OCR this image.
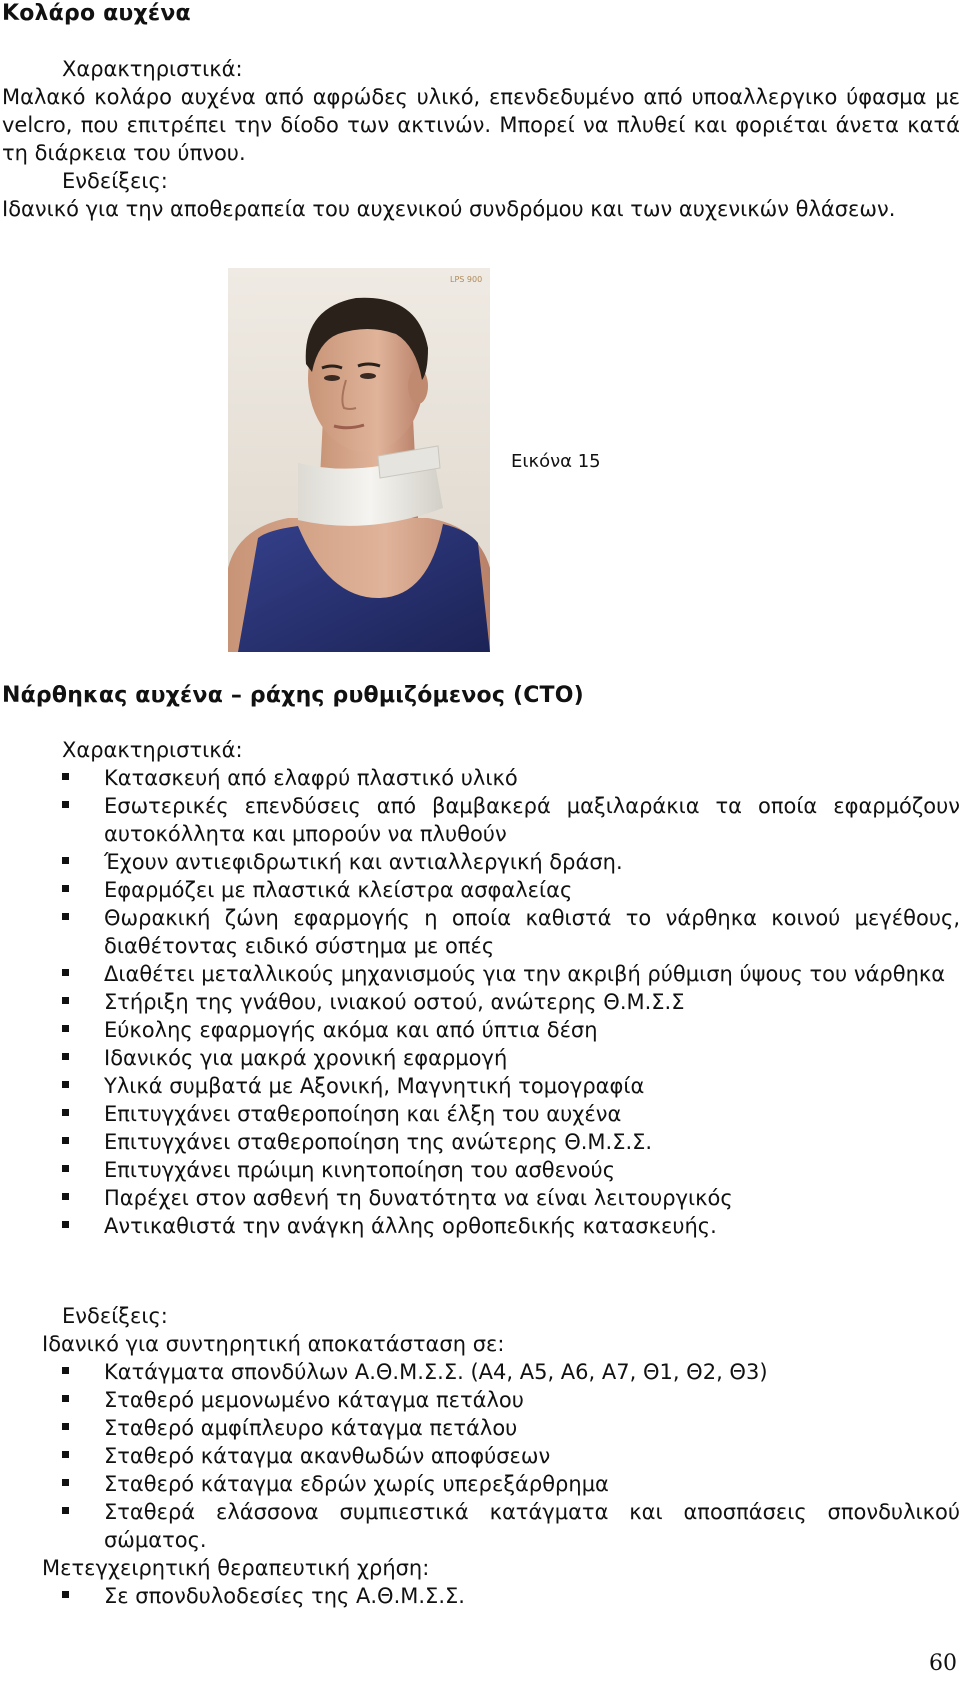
Κολάρο αυχένα

Χαρακτηριστικά:

Μαλακό κολάρο αυχένα από αφρώδες υλικό, επενδεδυμένο από υποαλλεργικο ύφασμα με velcro, που επιτρέπει την δίοδο των ακτινών. Μπορεί να πλυθεί και φοριέται άνετα κατά τη διάρκεια του ύπνου.

Ενδείξεις:

Ιδανικό για την αποθεραπεία του αυχενικού συνδρόμου και των αυχενικών θλάσεων.

LPS 900
Εικόνα 15
Νάρθηκας αυχένα – ράχης ρυθμιζόμενος (CTO)

Χαρακτηριστικά:

Κατασκευή από ελαφρύ πλαστικό υλικό
Εσωτερικές επενδύσεις από βαμβακερά μαξιλαράκια τα οποία εφαρμόζουν αυτοκόλλητα και μπορούν να πλυθούν
Έχουν αντιεφιδρωτική και αντιαλλεργική δράση.
Εφαρμόζει με πλαστικά κλείστρα ασφαλείας
Θωρακική ζώνη εφαρμογής η οποία καθιστά το νάρθηκα κοινού μεγέθους, διαθέτοντας ειδικό σύστημα με οπές
Διαθέτει μεταλλικούς μηχανισμούς για την ακριβή ρύθμιση ύψους του νάρθηκα
Στήριξη της γνάθου, ινιακού οστού, ανώτερης Θ.Μ.Σ.Σ
Εύκολης εφαρμογής ακόμα και από ύπτια δέση
Ιδανικός για μακρά χρονική εφαρμογή
Υλικά συμβατά με Αξονική, Μαγνητική τομογραφία
Επιτυγχάνει σταθεροποίηση και έλξη του αυχένα
Επιτυγχάνει σταθεροποίηση της ανώτερης Θ.Μ.Σ.Σ.
Επιτυγχάνει πρώιμη κινητοποίηση του ασθενούς
Παρέχει στον ασθενή τη δυνατότητα να είναι λειτουργικός
Αντικαθιστά την ανάγκη άλλης ορθοπεδικής κατασκευής.

Ενδείξεις:

Ιδανικό για συντηρητική αποκατάσταση σε:

Κατάγματα σπονδύλων Α.Θ.Μ.Σ.Σ. (Α4, Α5, Α6, Α7, Θ1, Θ2, Θ3)
Σταθερό μεμονωμένο κάταγμα πετάλου
Σταθερό αμφίπλευρο κάταγμα πετάλου
Σταθερό κάταγμα ακανθωδών αποφύσεων
Σταθερό κάταγμα εδρών χωρίς υπερεξάρθρημα
Σταθερά ελάσσονα συμπιεστικά κατάγματα και αποσπάσεις σπονδυλικού σώματος.

Μετεγχειρητική θεραπευτική χρήση:

Σε σπονδυλοδεσίες της Α.Θ.Μ.Σ.Σ.
60
